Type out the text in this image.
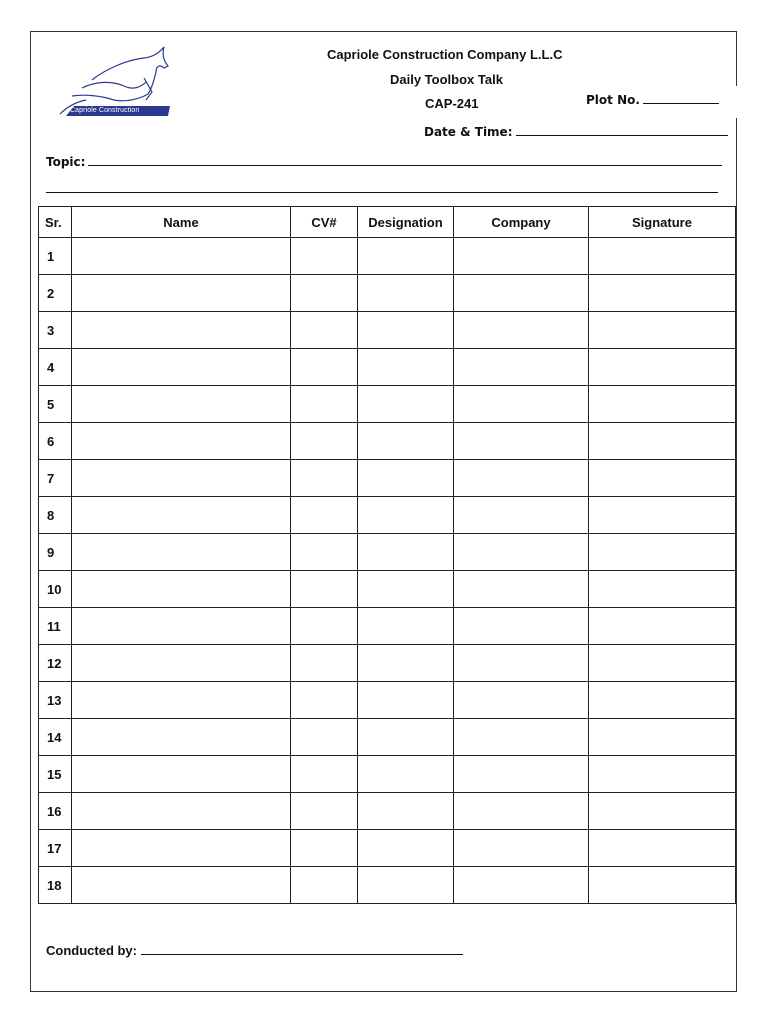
Capriole Construction
Capriole Construction Company L.L.C
Daily Toolbox Talk
CAP-241	Plot No.
Date & Time:
Topic:
Sr.	Name	CV#	Designation	Company	Signature
1					
2					
3					
4					
5					
6					
7					
8					
9					
10					
11					
12					
13					
14					
15					
16					
17					
18					
Conducted by:
